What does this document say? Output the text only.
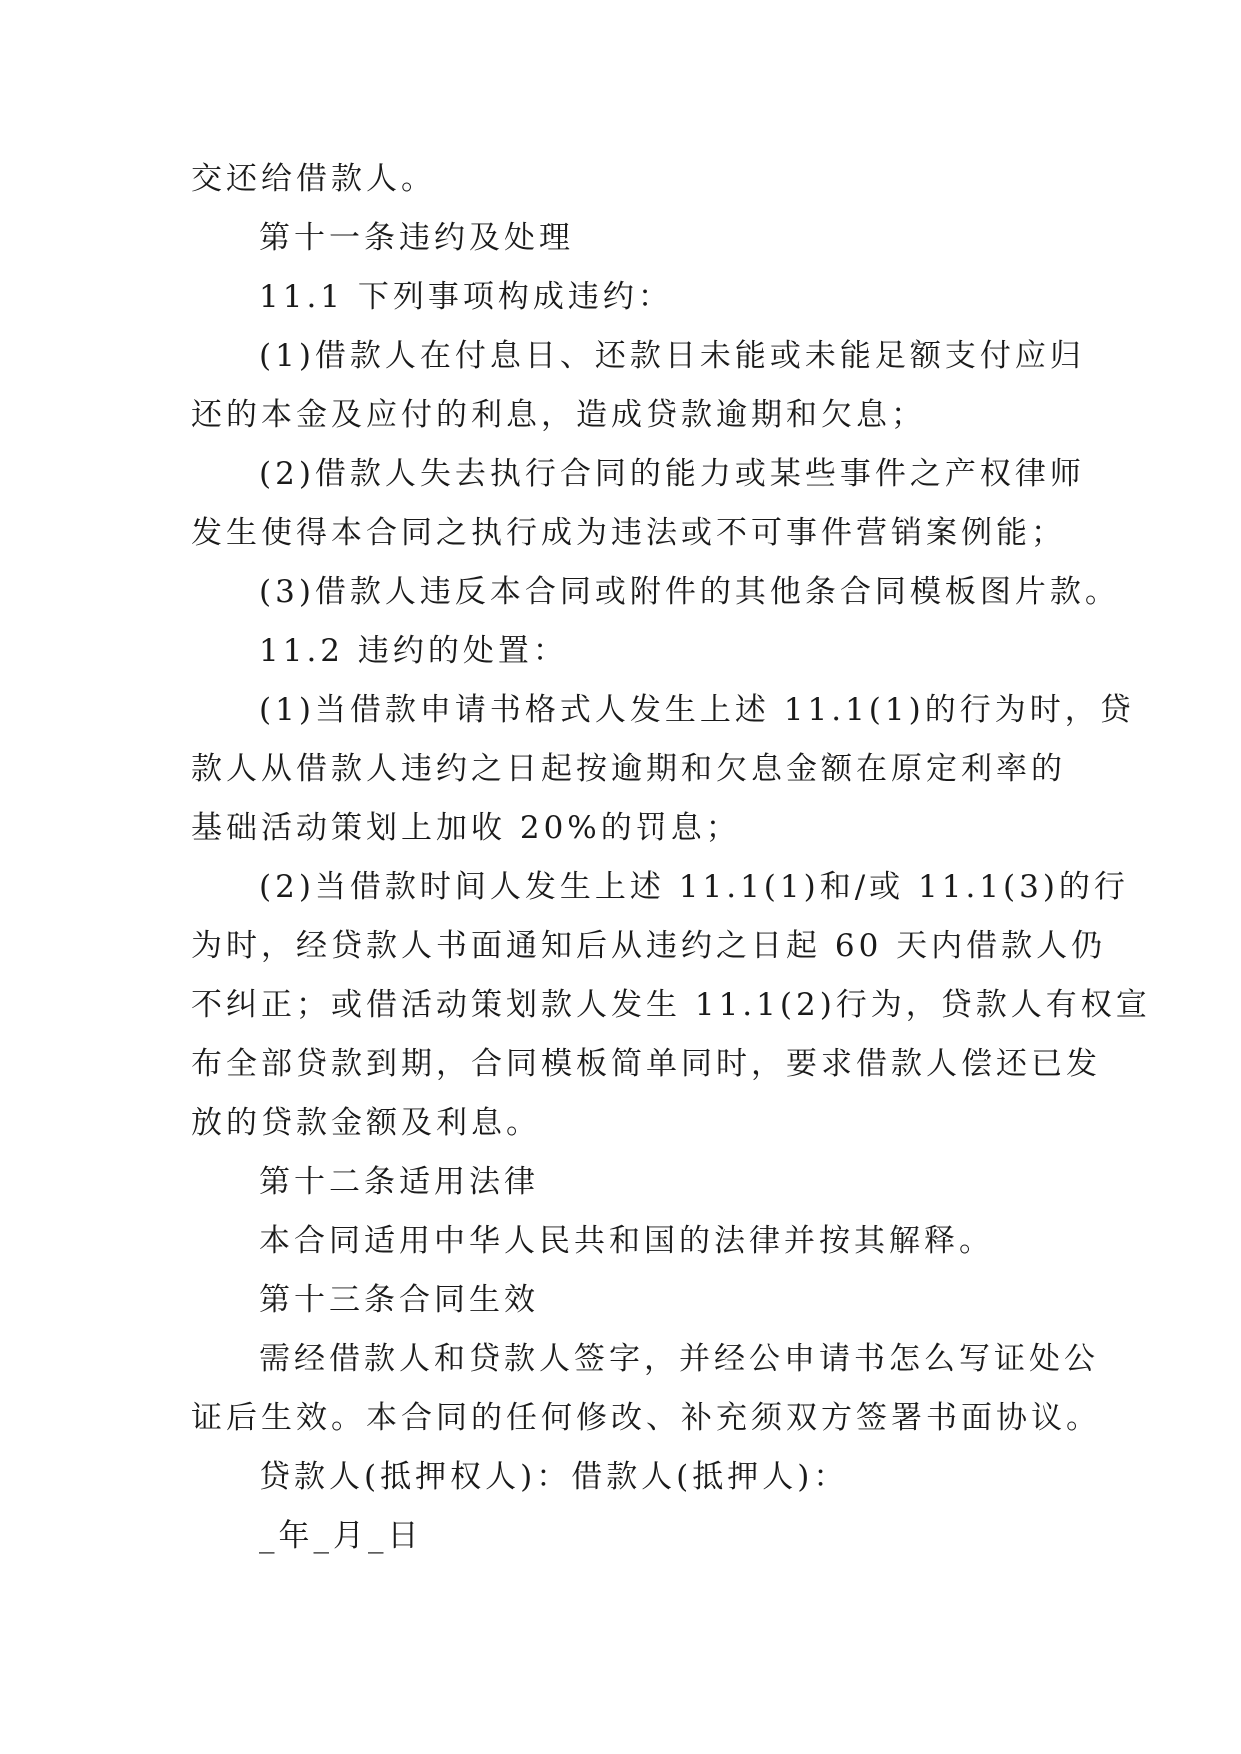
交还给借款人。
第十一条违约及处理
11.1 下列事项构成违约：
(1)借款人在付息日、还款日未能或未能足额支付应归
还的本金及应付的利息，造成贷款逾期和欠息；
(2)借款人失去执行合同的能力或某些事件之产权律师
发生使得本合同之执行成为违法或不可事件营销案例能；
(3)借款人违反本合同或附件的其他条合同模板图片款。
11.2 违约的处置：
(1)当借款申请书格式人发生上述 11.1(1)的行为时，贷
款人从借款人违约之日起按逾期和欠息金额在原定利率的
基础活动策划上加收 20%的罚息；
(2)当借款时间人发生上述 11.1(1)和/或 11.1(3)的行
为时，经贷款人书面通知后从违约之日起 60 天内借款人仍
不纠正；或借活动策划款人发生 11.1(2)行为，贷款人有权宣
布全部贷款到期，合同模板简单同时，要求借款人偿还已发
放的贷款金额及利息。
第十二条适用法律
本合同适用中华人民共和国的法律并按其解释。
第十三条合同生效
需经借款人和贷款人签字，并经公申请书怎么写证处公
证后生效。本合同的任何修改、补充须双方签署书面协议。
贷款人(抵押权人)：借款人(抵押人)：
_年_月_日
